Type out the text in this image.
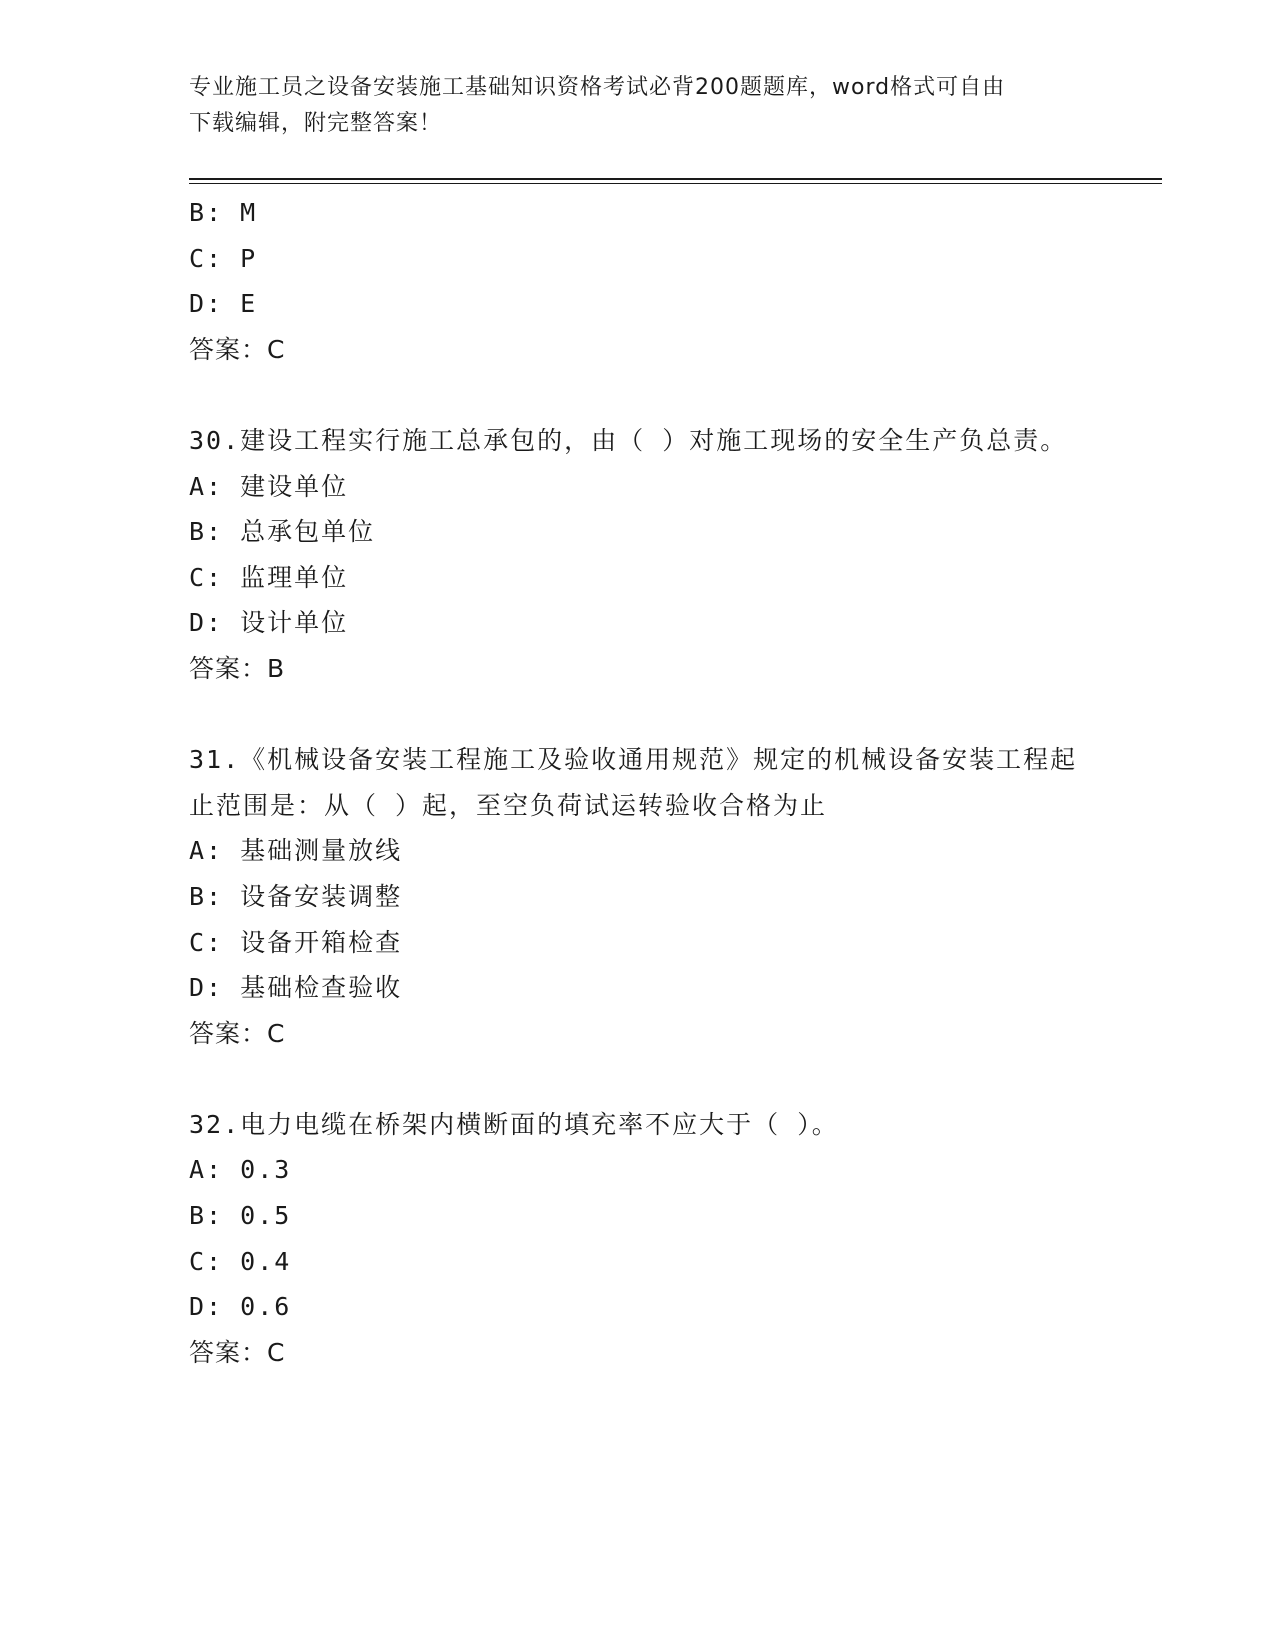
专业施工员之设备安装施工基础知识资格考试必背200题题库，word格式可自由
下载编辑，附完整答案！
B: M
C: P
D: E
答案：C
30.建设工程实行施工总承包的，由（ ）对施工现场的安全生产负总责。
A: 建设单位
B: 总承包单位
C: 监理单位
D: 设计单位
答案：B
31.《机械设备安装工程施工及验收通用规范》规定的机械设备安装工程起止范围是：从（ ）起，至空负荷试运转验收合格为止
A: 基础测量放线
B: 设备安装调整
C: 设备开箱检查
D: 基础检查验收
答案：C
32.电力电缆在桥架内横断面的填充率不应大于（ ）。
A: 0.3
B: 0.5
C: 0.4
D: 0.6
答案：C
